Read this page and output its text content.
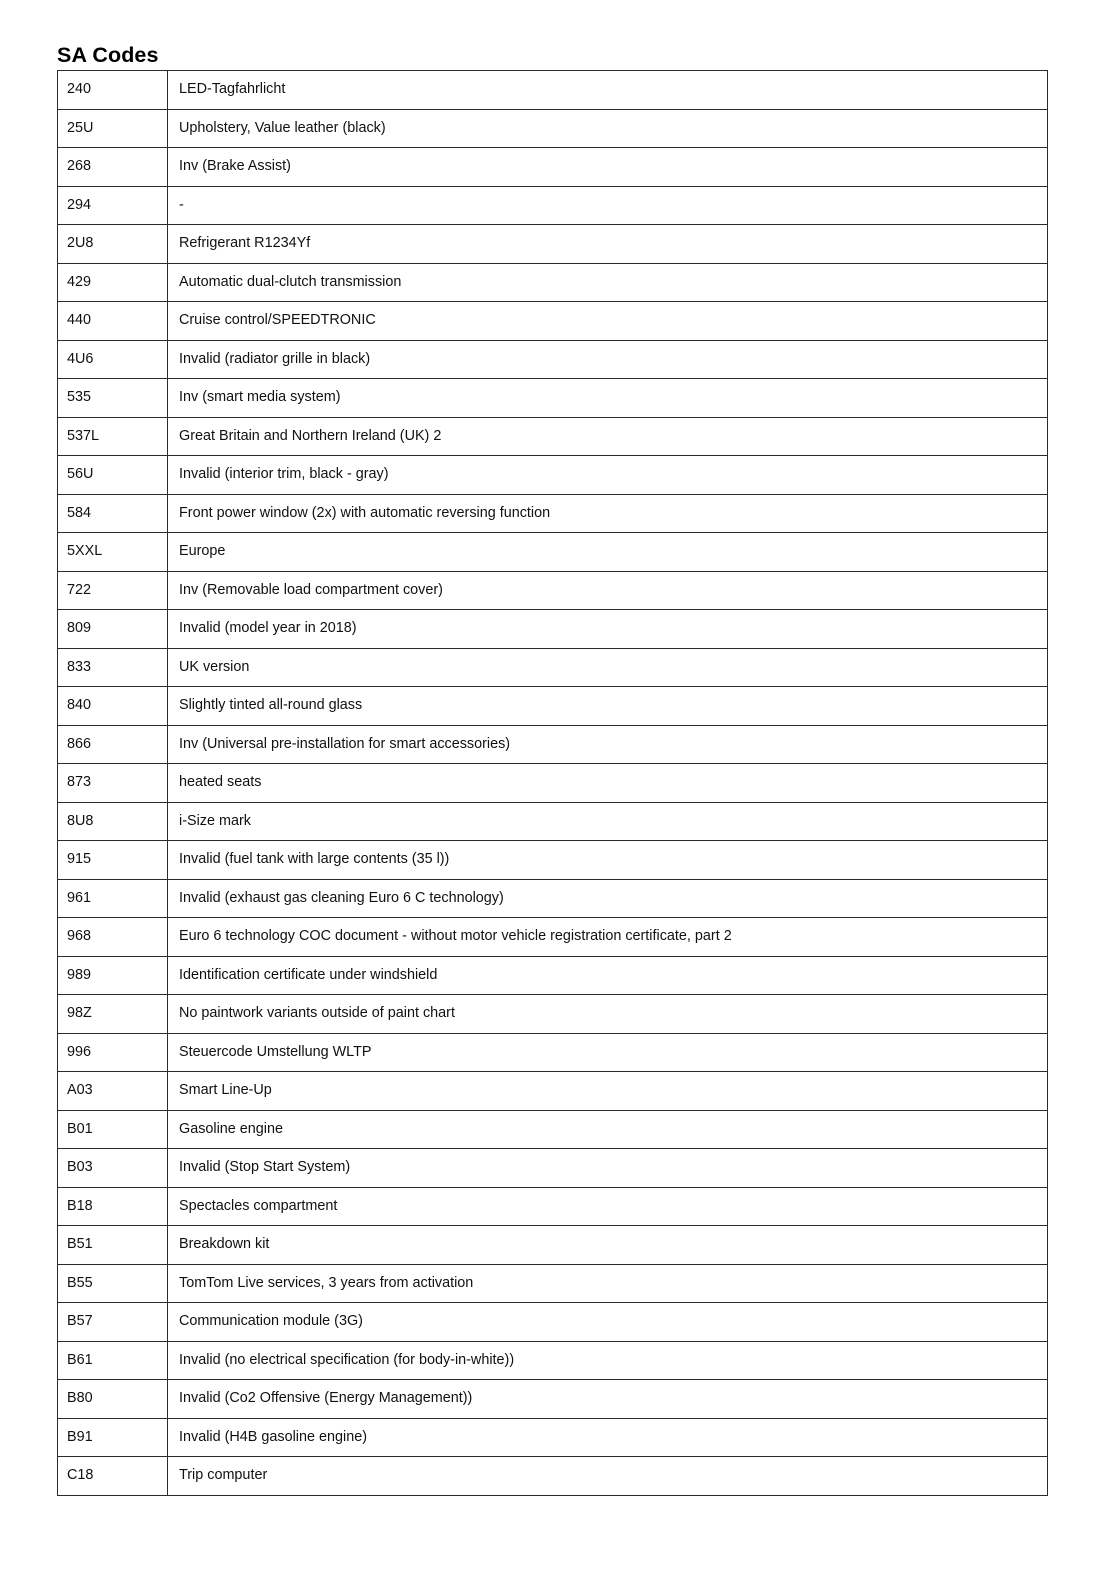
SA Codes
240	LED-Tagfahrlicht
25U	Upholstery, Value leather (black)
268	Inv (Brake Assist)
294	-
2U8	Refrigerant R1234Yf
429	Automatic dual-clutch transmission
440	Cruise control/SPEEDTRONIC
4U6	Invalid (radiator grille in black)
535	Inv (smart media system)
537L	Great Britain and Northern Ireland (UK) 2
56U	Invalid (interior trim, black - gray)
584	Front power window (2x) with automatic reversing function
5XXL	Europe
722	Inv (Removable load compartment cover)
809	Invalid (model year in 2018)
833	UK version
840	Slightly tinted all-round glass
866	Inv (Universal pre-installation for smart accessories)
873	heated seats
8U8	i-Size mark
915	Invalid (fuel tank with large contents (35 l))
961	Invalid (exhaust gas cleaning Euro 6 C technology)
968	Euro 6 technology COC document - without motor vehicle registration certificate, part 2
989	Identification certificate under windshield
98Z	No paintwork variants outside of paint chart
996	Steuercode Umstellung WLTP
A03	Smart Line-Up
B01	Gasoline engine
B03	Invalid (Stop Start System)
B18	Spectacles compartment
B51	Breakdown kit
B55	TomTom Live services, 3 years from activation
B57	Communication module (3G)
B61	Invalid (no electrical specification (for body-in-white))
B80	Invalid (Co2 Offensive (Energy Management))
B91	Invalid (H4B gasoline engine)
C18	Trip computer
